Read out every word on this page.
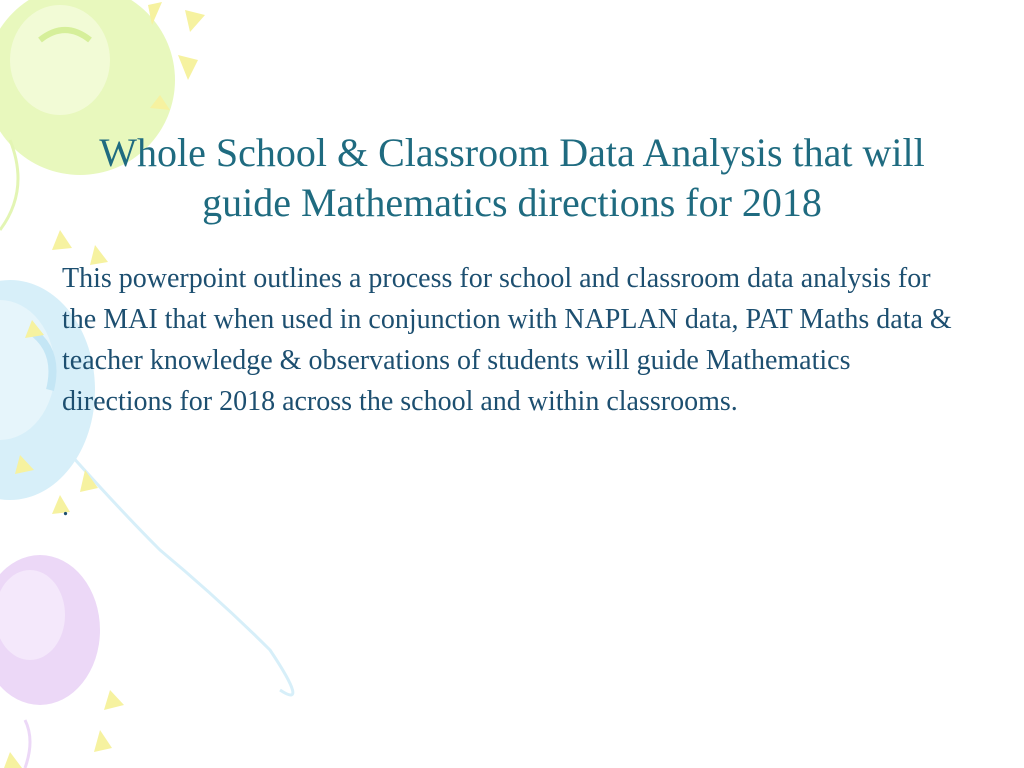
Whole School & Classroom Data Analysis that will guide Mathematics directions for 2018

This powerpoint outlines a process for school and classroom data analysis for the MAI that when used in conjunction with NAPLAN data, PAT Maths data & teacher knowledge & observations of students will guide Mathematics directions for 2018 across the school and within classrooms.

.
